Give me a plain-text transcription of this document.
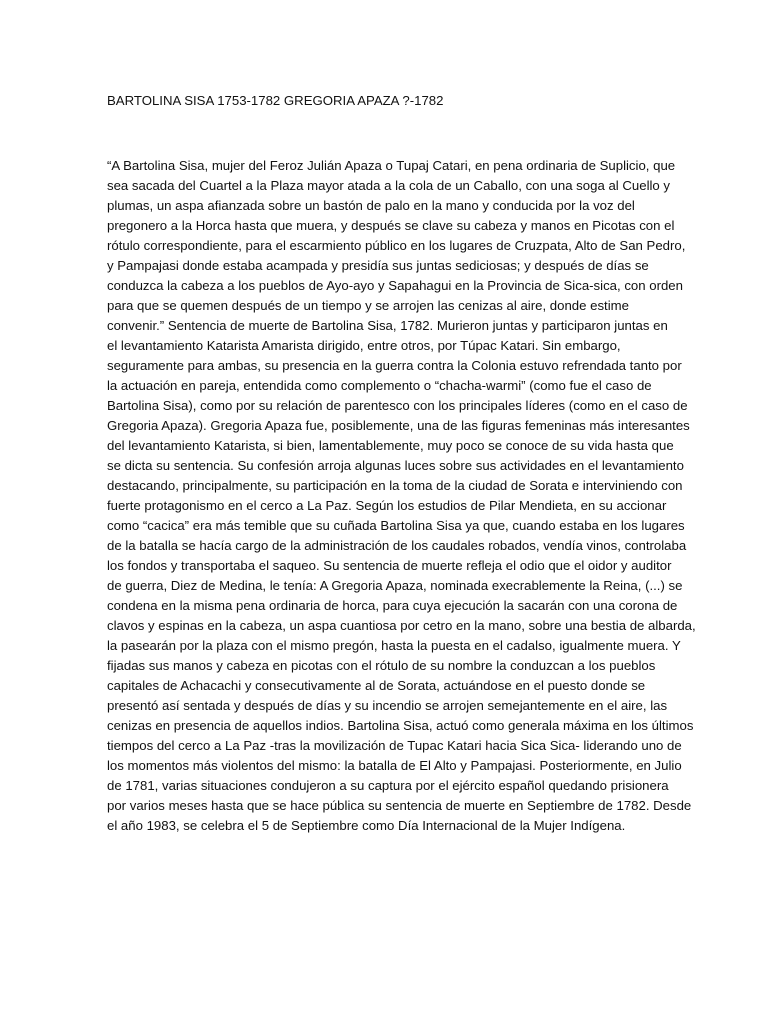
BARTOLINA SISA 1753-1782 GREGORIA APAZA ?-1782
“A Bartolina Sisa, mujer del Feroz Julián Apaza o Tupaj Catari, en pena ordinaria de Suplicio, que
sea sacada del Cuartel a la Plaza mayor atada a la cola de un Caballo, con una soga al Cuello y
plumas, un aspa afianzada sobre un bastón de palo en la mano y conducida por la voz del
pregonero a la Horca hasta que muera, y después se clave su cabeza y manos en Picotas con el
rótulo correspondiente, para el escarmiento público en los lugares de Cruzpata, Alto de San Pedro,
y Pampajasi donde estaba acampada y presidía sus juntas sediciosas; y después de días se
conduzca la cabeza a los pueblos de Ayo-ayo y Sapahagui en la Provincia de Sica-sica, con orden
para que se quemen después de un tiempo y se arrojen las cenizas al aire, donde estime
convenir.” Sentencia de muerte de Bartolina Sisa, 1782. Murieron juntas y participaron juntas en
el levantamiento Katarista Amarista dirigido, entre otros, por Túpac Katari. Sin embargo,
seguramente para ambas, su presencia en la guerra contra la Colonia estuvo refrendada tanto por
la actuación en pareja, entendida como complemento o “chacha-warmi” (como fue el caso de
Bartolina Sisa), como por su relación de parentesco con los principales líderes (como en el caso de
Gregoria Apaza). Gregoria Apaza fue, posiblemente, una de las figuras femeninas más interesantes
del levantamiento Katarista, si bien, lamentablemente, muy poco se conoce de su vida hasta que
se dicta su sentencia. Su confesión arroja algunas luces sobre sus actividades en el levantamiento
destacando, principalmente, su participación en la toma de la ciudad de Sorata e interviniendo con
fuerte protagonismo en el cerco a La Paz. Según los estudios de Pilar Mendieta, en su accionar
como “cacica” era más temible que su cuñada Bartolina Sisa ya que, cuando estaba en los lugares
de la batalla se hacía cargo de la administración de los caudales robados, vendía vinos, controlaba
los fondos y transportaba el saqueo. Su sentencia de muerte refleja el odio que el oidor y auditor
de guerra, Diez de Medina, le tenía: A Gregoria Apaza, nominada execrablemente la Reina, (...) se
condena en la misma pena ordinaria de horca, para cuya ejecución la sacarán con una corona de
clavos y espinas en la cabeza, un aspa cuantiosa por cetro en la mano, sobre una bestia de albarda,
la pasearán por la plaza con el mismo pregón, hasta la puesta en el cadalso, igualmente muera. Y
fijadas sus manos y cabeza en picotas con el rótulo de su nombre la conduzcan a los pueblos
capitales de Achacachi y consecutivamente al de Sorata, actuándose en el puesto donde se
presentó así sentada y después de días y su incendio se arrojen semejantemente en el aire, las
cenizas en presencia de aquellos indios. Bartolina Sisa, actuó como generala máxima en los últimos
tiempos del cerco a La Paz -tras la movilización de Tupac Katari hacia Sica Sica- liderando uno de
los momentos más violentos del mismo: la batalla de El Alto y Pampajasi. Posteriormente, en Julio
de 1781, varias situaciones condujeron a su captura por el ejército español quedando prisionera
por varios meses hasta que se hace pública su sentencia de muerte en Septiembre de 1782. Desde
el año 1983, se celebra el 5 de Septiembre como Día Internacional de la Mujer Indígena.
